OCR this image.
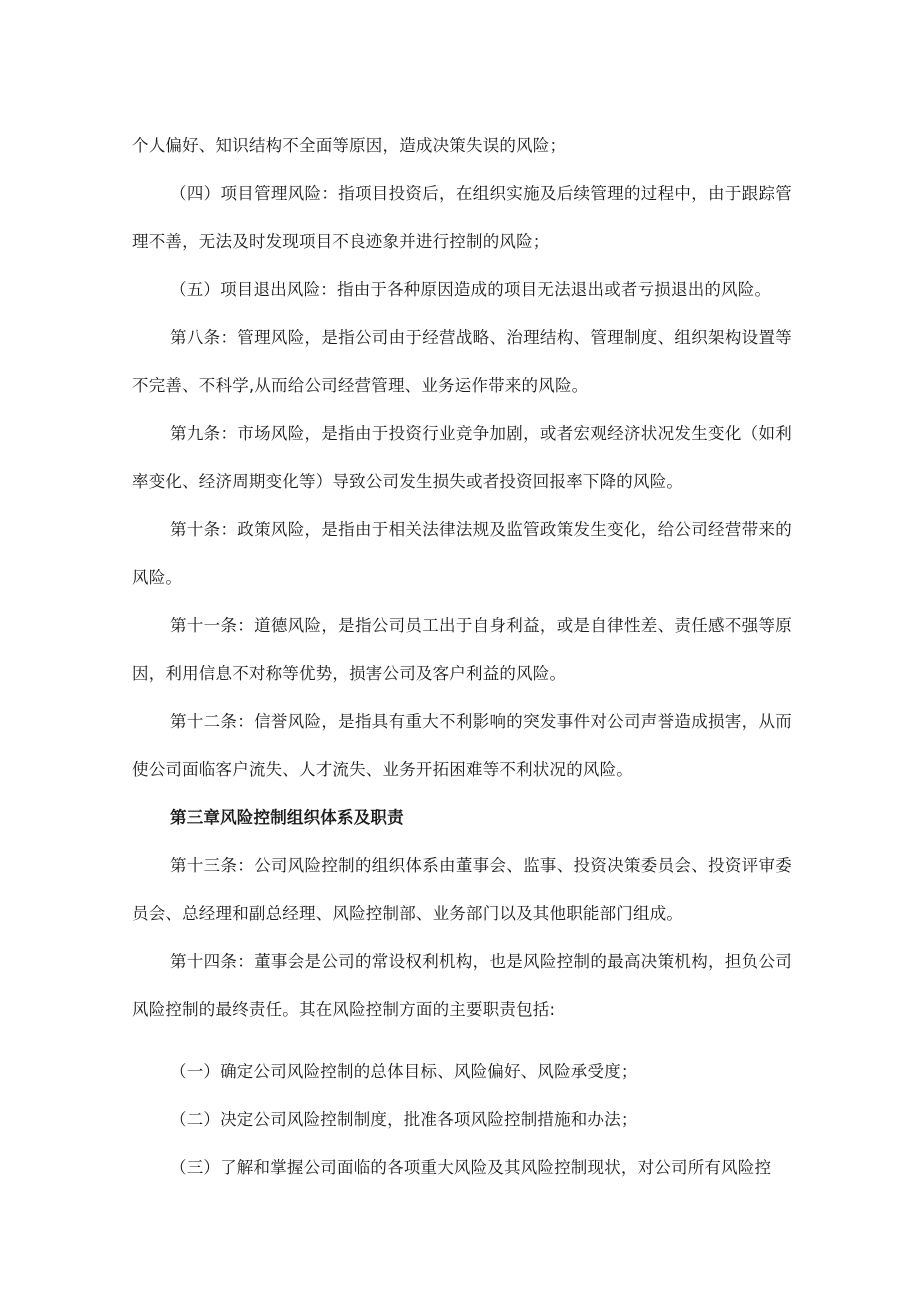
个人偏好、知识结构不全面等原因，造成决策失误的风险；

（四）项目管理风险：指项目投资后，在组织实施及后续管理的过程中，由于跟踪管理不善，无法及时发现项目不良迹象并进行控制的风险；

（五）项目退出风险：指由于各种原因造成的项目无法退出或者亏损退出的风险。

第八条：管理风险，是指公司由于经营战略、治理结构、管理制度、组织架构设置等不完善、不科学,从而给公司经营管理、业务运作带来的风险。

第九条：市场风险，是指由于投资行业竞争加剧，或者宏观经济状况发生变化（如利率变化、经济周期变化等）导致公司发生损失或者投资回报率下降的风险。

第十条：政策风险，是指由于相关法律法规及监管政策发生变化，给公司经营带来的风险。

第十一条：道德风险，是指公司员工出于自身利益，或是自律性差、责任感不强等原因，利用信息不对称等优势，损害公司及客户利益的风险。

第十二条：信誉风险，是指具有重大不利影响的突发事件对公司声誉造成损害，从而使公司面临客户流失、人才流失、业务开拓困难等不利状况的风险。

第三章风险控制组织体系及职责

第十三条：公司风险控制的组织体系由董事会、监事、投资决策委员会、投资评审委员会、总经理和副总经理、风险控制部、业务部门以及其他职能部门组成。

第十四条：董事会是公司的常设权利机构，也是风险控制的最高决策机构，担负公司风险控制的最终责任。其在风险控制方面的主要职责包括:

（一）确定公司风险控制的总体目标、风险偏好、风险承受度；

（二）决定公司风险控制制度，批准各项风险控制措施和办法；

（三）了解和掌握公司面临的各项重大风险及其风险控制现状，对公司所有风险控
